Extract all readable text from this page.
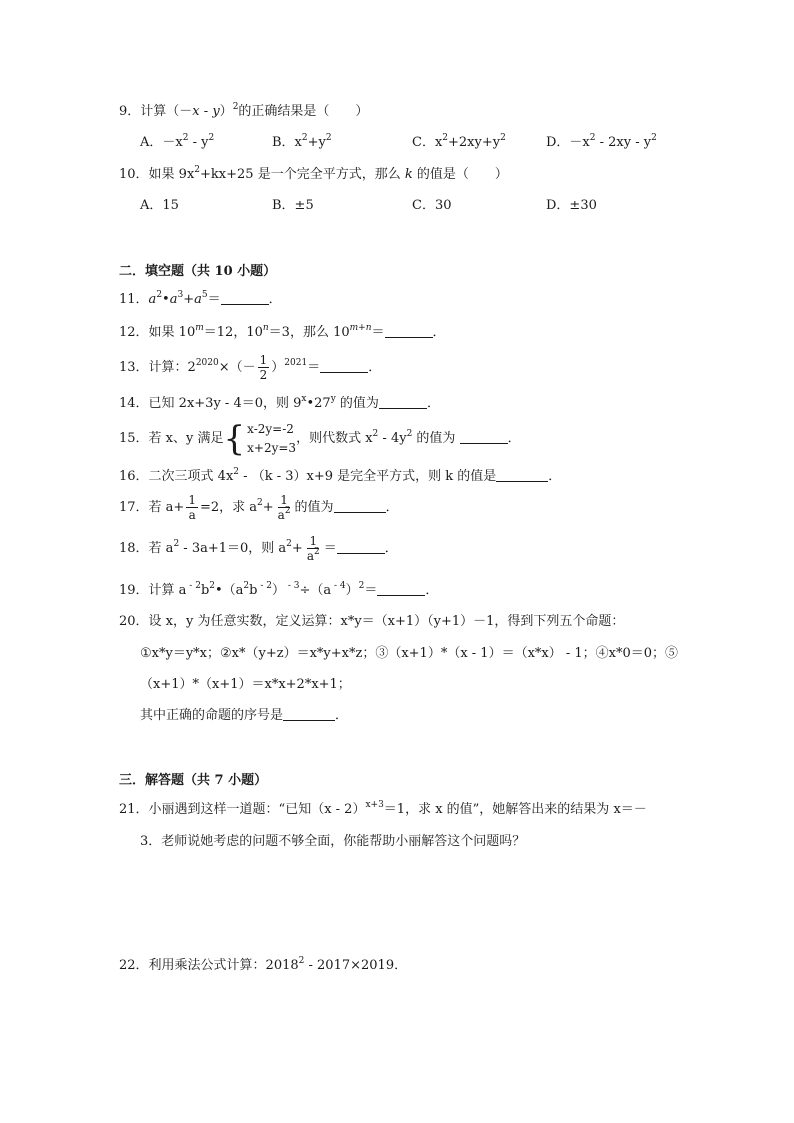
9．计算$(-x - y)^2$的正确结果是（　　）
A．$-x^2 - y^2$	B．$x^2+y^2$	C．$x^2+2xy+y^2$	D．$-x^2 - 2xy - y^2$
10．如果 $9x^2+kx+25$ 是一个完全平方式，那么 k 的值是（　　）
A．15	B．±5	C．30	D．±30
二．填空题（共 10 小题）
11．$a^2•a^3+a^5=$	．
12．如果 $10^m=12$，$10^n=3$，那么 $10^{m+n}=$	．
13．计算：$2^{2020}\times(- \frac{1}{2} )^{2021}=$	．
14．已知 2x+3y - 4＝0，则 9$^x$•27$^y$ 的值为	．
15．若 x、y 满足 { x-2y=-2
x+2y=3
，则代数式 $x^2 - 4y^2$ 的值为	．
16．二次三项式 $4x^2 - (k - 3)x+9$ 是完全平方式，则 k 的值是	．
17．若 $a+ \frac{1}{a} =2$，求 $a^2+ \frac{1}{a^2}$ 的值为	．
18．若 $a^2 - 3a+1=0$，则 $a^2+ \frac{1}{a^2}$ ＝	．
19．计算 a $^{- 2}b^2•(a^2b$ $^{- 2}$） $^{- 3}$÷（a $^{- 4}$）$^2$＝	．
20．设 x，y 为任意实数，定义运算：x*y＝（x+1）（y+1）－1，得到下列五个命题：
①x*y＝y*x；②x*（y+z）＝x*y+x*z；③（x+1）*（x - 1）＝（x*x） - 1；④x*0＝0；⑤
（x+1）*（x+1）＝x*x+2*x+1；
其中正确的命题的序号是	．
三．解答题（共 7 小题）
21．小丽遇到这样一道题：“已知（x - 2）$^{x+3}$＝1，求 x 的值”，她解答出来的结果为 x＝－
3．老师说她考虑的问题不够全面，你能帮助小丽解答这个问题吗？
22．利用乘法公式计算：2018$^2$ - 2017×2019．
